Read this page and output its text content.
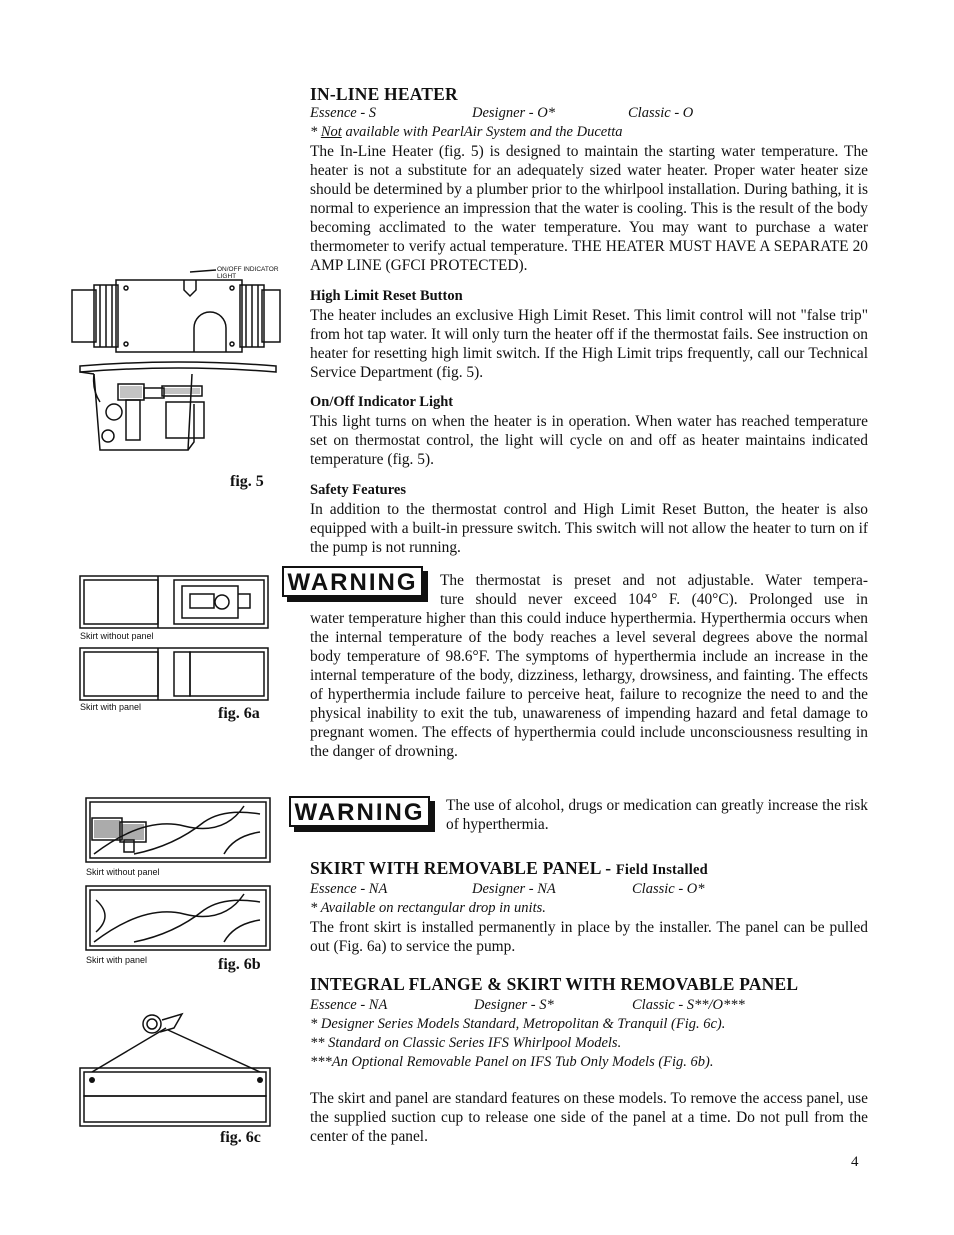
IN-LINE HEATER
Essence - S	Designer - O*	Classic - O
* Not available with PearlAir System and the Ducetta
The In-Line Heater (fig. 5) is designed to maintain the starting water temperature. The heater is not a substitute for an adequately sized water heater. Proper water heater size should be determined by a plumber prior to the whirlpool installation. During bathing, it is normal to experience an impression that the water is cooling. This is the result of the body becoming acclimated to the water temperature. You may want to purchase a water thermometer to verify actual temperature. THE HEATER MUST HAVE A SEPARATE 20 AMP LINE (GFCI PROTECTED).
High Limit Reset Button
The heater includes an exclusive High Limit Reset. This limit control will not "false trip" from hot tap water. It will only turn the heater off if the thermostat fails. See instruction on heater for resetting high limit switch. If the High Limit trips frequently, call our Technical Service Department (fig. 5).
On/Off Indicator Light
This light turns on when the heater is in operation. When water has reached temperature set on thermostat control, the light will cycle on and off as heater maintains indicated temperature (fig. 5).
Safety Features
In addition to the thermostat control and High Limit Reset Button, the heater is also equipped with a built-in pressure switch. This switch will not allow the heater to turn on if the pump is not running.
WARNING	The thermostat is preset and not adjustable. Water tempera-
ture should never exceed 104° F. (40°C). Prolonged use in
water temperature higher than this could induce hyperthermia. Hyperthermia occurs when the internal temperature of the body reaches a level several degrees above the normal body temperature of 98.6°F. The symptoms of hyperthermia include an increase in the internal temperature of the body, dizziness, lethargy, drowsiness, and fainting. The effects of hyperthermia include failure to perceive heat, failure to recognize the need to and the physical inability to exit the tub, unawareness of impending hazard and fetal damage to pregnant women. The effects of hyperthermia could include unconsciousness resulting in the danger of drowning.
WARNING	The use of alcohol, drugs or medication can greatly increase the risk of hyperthermia.
SKIRT WITH REMOVABLE PANEL - Field Installed
Essence - NA	Designer - NA	Classic - O*
* Available on rectangular drop in units.
The front skirt is installed permanently in place by the installer. The panel can be pulled out (Fig. 6a) to service the pump.
INTEGRAL FLANGE & SKIRT WITH REMOVABLE PANEL
Essence - NA	Designer - S*	Classic - S**/O***
* Designer Series Models Standard, Metropolitan & Tranquil (Fig. 6c).
** Standard on Classic Series IFS Whirlpool Models.
***An Optional Removable Panel on IFS Tub Only Models (Fig. 6b).
The skirt and panel are standard features on these models. To remove the access panel, use the supplied suction cup to release one side of the panel at a time. Do not pull from the center of the panel.
4
ON/OFF INDICATOR
LIGHT
fig. 5
Skirt without panel
Skirt with panel	fig. 6a
Skirt without panel
Skirt with panel	fig. 6b
fig. 6c
